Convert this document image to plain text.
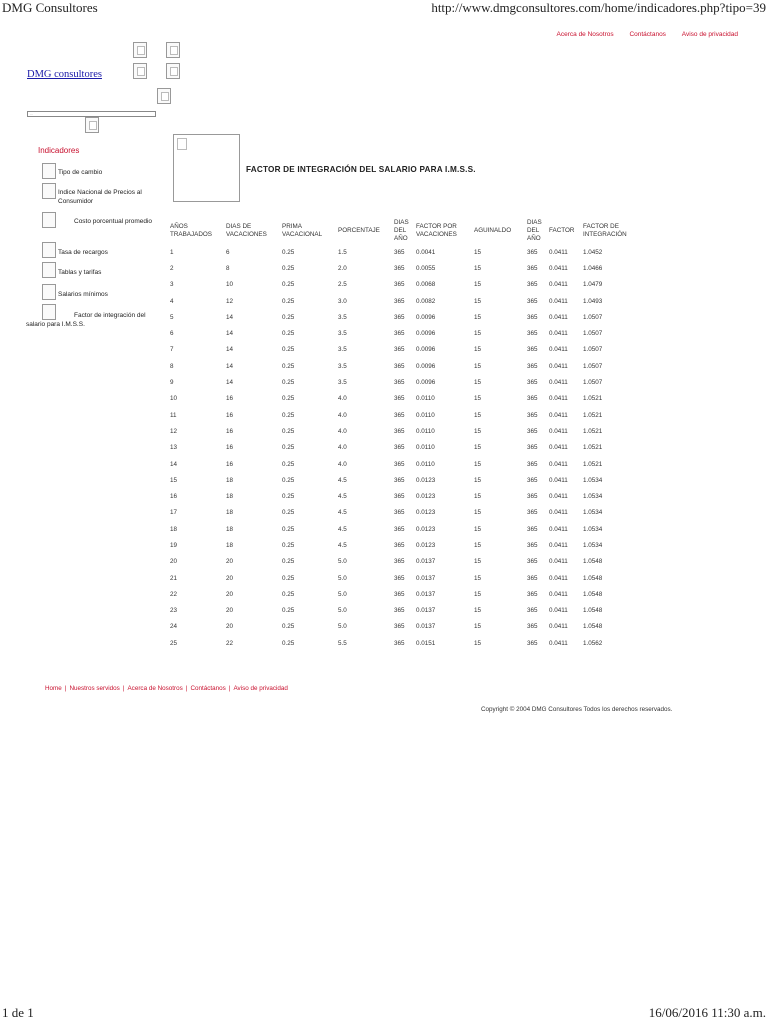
DMG Consultores	http://www.dmgconsultores.com/home/indicadores.php?tipo=39
Acerca de Nosotros Contáctanos Aviso de privacidad
DMG consultores
...
Indicadores
Tipo de cambio
Indice Nacional de Precios al Consumidor
Costo porcentual promedio
Tasa de recargos
Tablas y tarifas
Salarios mínimos
Factor de integración del salario para I.M.S.S.
FACTOR DE INTEGRACIÓN DEL SALARIO PARA I.M.S.S.
AÑOS TRABAJADOS	DIAS DE VACACIONES	PRIMA VACACIONAL	PORCENTAJE	DIAS DEL AÑO	FACTOR POR VACACIONES	AGUINALDO	DIAS DEL AÑO	FACTOR	FACTOR DE INTEGRACIÓN
1	6	0.25	1.5	365	0.0041	15	365	0.0411	1.0452
2	8	0.25	2.0	365	0.0055	15	365	0.0411	1.0466
3	10	0.25	2.5	365	0.0068	15	365	0.0411	1.0479
4	12	0.25	3.0	365	0.0082	15	365	0.0411	1.0493
5	14	0.25	3.5	365	0.0096	15	365	0.0411	1.0507
6	14	0.25	3.5	365	0.0096	15	365	0.0411	1.0507
7	14	0.25	3.5	365	0.0096	15	365	0.0411	1.0507
8	14	0.25	3.5	365	0.0096	15	365	0.0411	1.0507
9	14	0.25	3.5	365	0.0096	15	365	0.0411	1.0507
10	16	0.25	4.0	365	0.0110	15	365	0.0411	1.0521
11	16	0.25	4.0	365	0.0110	15	365	0.0411	1.0521
12	16	0.25	4.0	365	0.0110	15	365	0.0411	1.0521
13	16	0.25	4.0	365	0.0110	15	365	0.0411	1.0521
14	16	0.25	4.0	365	0.0110	15	365	0.0411	1.0521
15	18	0.25	4.5	365	0.0123	15	365	0.0411	1.0534
16	18	0.25	4.5	365	0.0123	15	365	0.0411	1.0534
17	18	0.25	4.5	365	0.0123	15	365	0.0411	1.0534
18	18	0.25	4.5	365	0.0123	15	365	0.0411	1.0534
19	18	0.25	4.5	365	0.0123	15	365	0.0411	1.0534
20	20	0.25	5.0	365	0.0137	15	365	0.0411	1.0548
21	20	0.25	5.0	365	0.0137	15	365	0.0411	1.0548
22	20	0.25	5.0	365	0.0137	15	365	0.0411	1.0548
23	20	0.25	5.0	365	0.0137	15	365	0.0411	1.0548
24	20	0.25	5.0	365	0.0137	15	365	0.0411	1.0548
25	22	0.25	5.5	365	0.0151	15	365	0.0411	1.0562
Home | Nuestros servidos | Acerca de Nosotros | Contáctanos | Aviso de privacidad
Copyright © 2004 DMG Consultores Todos los derechos reservados.
1 de 1	16/06/2016 11:30 a.m.
